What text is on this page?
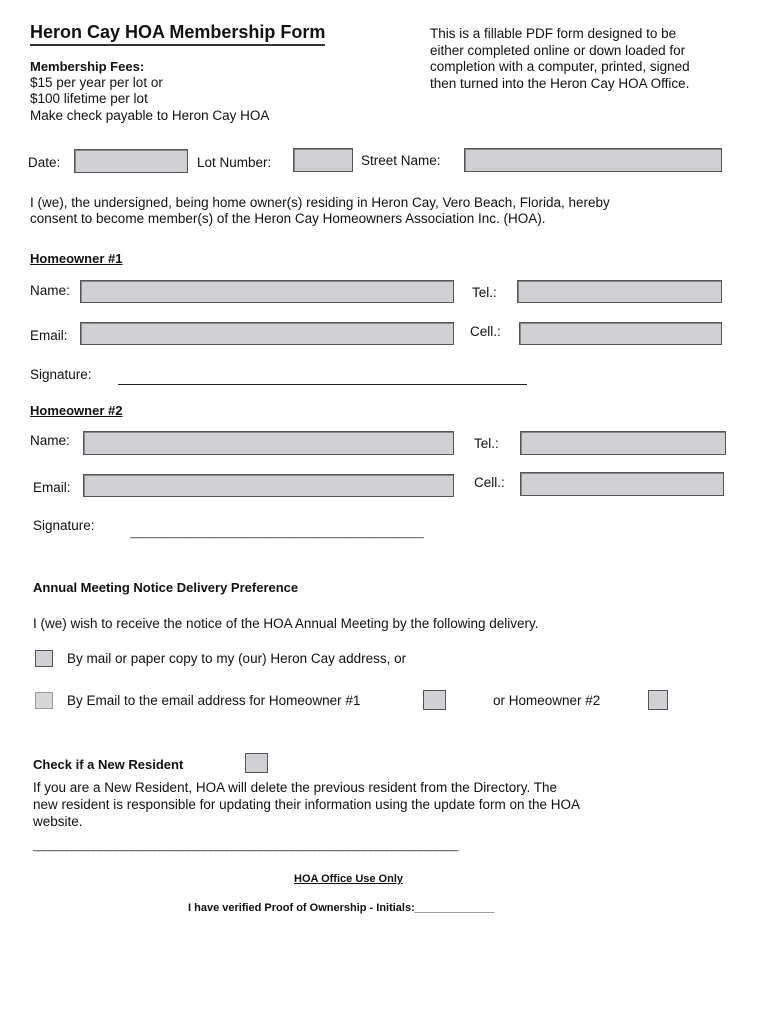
Heron Cay HOA Membership Form	This is a fillable PDF form designed to be
either completed online or down loaded for
completion with a computer, printed, signed
then turned into the Heron Cay HOA Office.
Membership Fees:
$15 per year per lot or
$100 lifetime per lot
Make check payable to Heron Cay HOA
Date:	Lot Number:	Street Name:
I (we), the undersigned, being home owner(s) residing in Heron Cay, Vero Beach, Florida, hereby
consent to become member(s) of the Heron Cay Homeowners Association Inc. (HOA).
Homeowner #1
Name:	Tel.:
Email:	Cell.:
Signature:
Homeowner #2
Name:	Tel.:
Email:	Cell.:
Signature:	________________________________________________
Annual Meeting Notice Delivery Preference
I (we) wish to receive the notice of the HOA Annual Meeting by the following delivery.
By mail or paper copy to my (our) Heron Cay address, or
By Email to the email address for Homeowner #1	or Homeowner #2
Check if a New Resident
If you are a New Resident, HOA will delete the previous resident from the Directory. The
new resident is responsible for updating their information using the update form on the HOA
website.
_____________________________________________________________________________
HOA Office Use Only
I have verified Proof of Ownership - Initials:_____________
